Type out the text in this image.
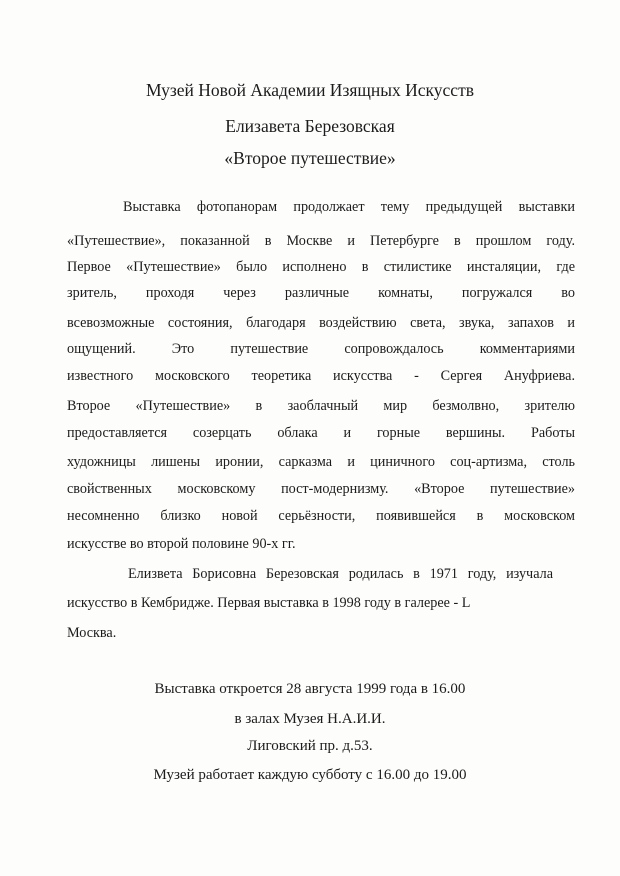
Музей Новой Академии Изящных Искусств
Елизавета Березовская
«Второе путешествие»
Выставка фотопанорам продолжает тему предыдущей выставки
«Путешествие», показанной в Москве и Петербурге в прошлом году.
Первое «Путешествие» было исполнено в стилистике инсталяции, где
зритель, проходя через различные комнаты, погружался во
всевозможные состояния, благодаря воздействию света, звука, запахов и
ощущений. Это путешествие сопровождалось комментариями
известного московского теоретика искусства - Сергея Ануфриева.
Второе «Путешествие» в заоблачный мир безмолвно, зрителю
предоставляется созерцать облака и горные вершины. Работы
художницы лишены иронии, сарказма и циничного соц-артизма, столь
свойственных московскому пост-модернизму. «Второе путешествие»
несомненно близко новой серьёзности, появившейся в московском
искусстве во второй половине 90-х гг.
Елизвета Борисовна Березовская родилась в 1971 году, изучала
искусство в Кембридже. Первая выставка в 1998 году в галерее - L
Москва.
Выставка откроется 28 августа 1999 года в 16.00
в залах Музея Н.А.И.И.
Лиговский пр. д.53.
Музей работает каждую субботу с 16.00 до 19.00
